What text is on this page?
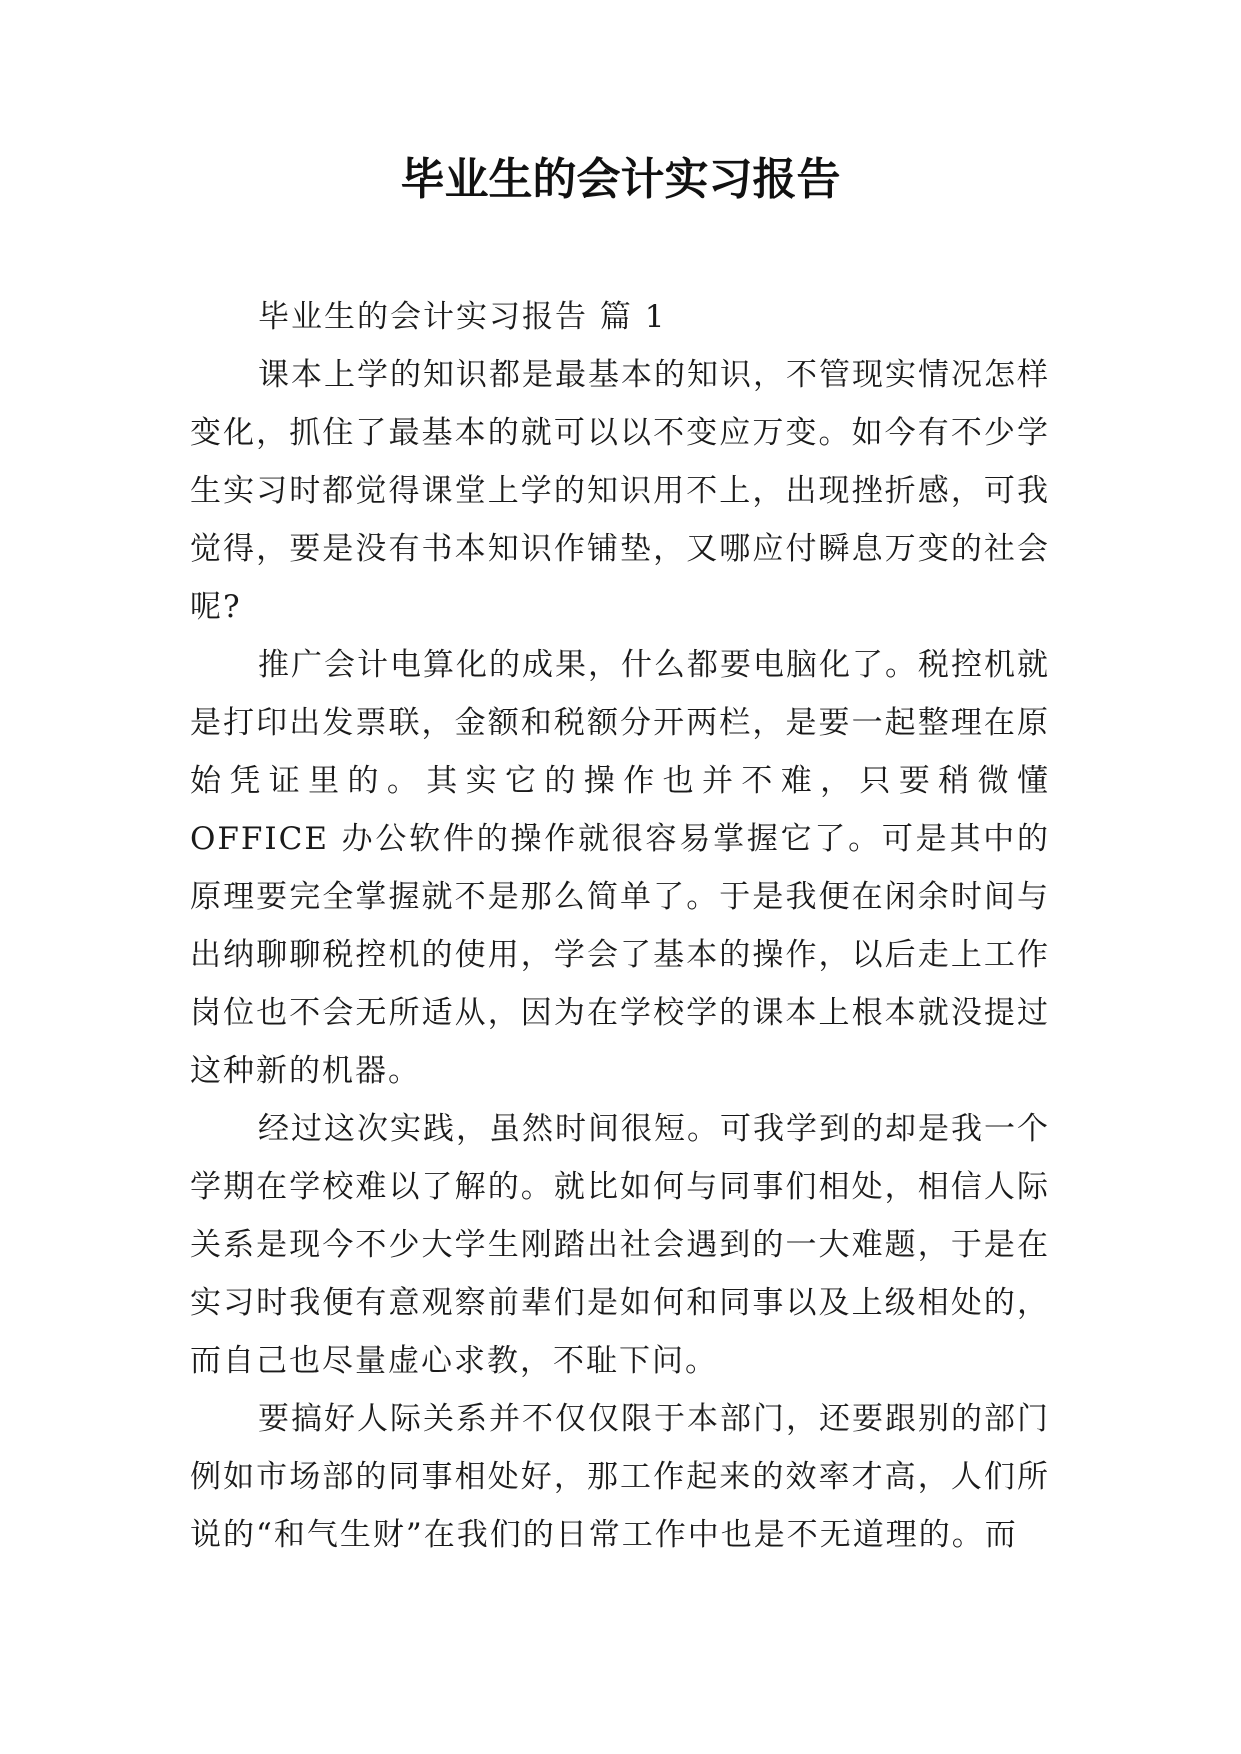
毕业生的会计实习报告

毕业生的会计实习报告 篇 1

课本上学的知识都是最基本的知识，不管现实情况怎样变化，抓住了最基本的就可以以不变应万变。如今有不少学生实习时都觉得课堂上学的知识用不上，出现挫折感，可我觉得，要是没有书本知识作铺垫，又哪应付瞬息万变的社会呢?

推广会计电算化的成果，什么都要电脑化了。税控机就是打印出发票联，金额和税额分开两栏，是要一起整理在原始凭证里的。其实它的操作也并不难，只要稍微懂 OFFICE 办公软件的操作就很容易掌握它了。可是其中的原理要完全掌握就不是那么简单了。于是我便在闲余时间与出纳聊聊税控机的使用，学会了基本的操作，以后走上工作岗位也不会无所适从，因为在学校学的课本上根本就没提过这种新的机器。

经过这次实践，虽然时间很短。可我学到的却是我一个学期在学校难以了解的。就比如何与同事们相处，相信人际关系是现今不少大学生刚踏出社会遇到的一大难题，于是在实习时我便有意观察前辈们是如何和同事以及上级相处的，而自己也尽量虚心求教，不耻下问。

要搞好人际关系并不仅仅限于本部门，还要跟别的部门例如市场部的同事相处好，那工作起来的效率才高，人们所说的“和气生财”在我们的日常工作中也是不无道理的。而
